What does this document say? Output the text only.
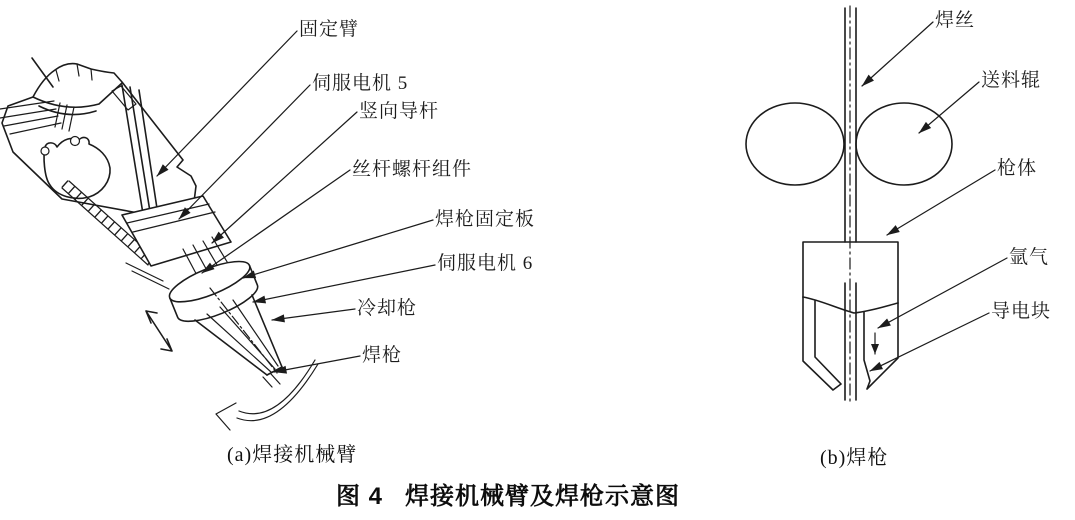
固定臂
伺服电机 5
竖向导杆
丝杆螺杆组件
焊枪固定板
伺服电机 6
冷却枪
焊枪
焊丝
送料辊
枪体
氩气
导电块
(a)焊接机械臂	(b)焊枪
图 4 焊接机械臂及焊枪示意图
